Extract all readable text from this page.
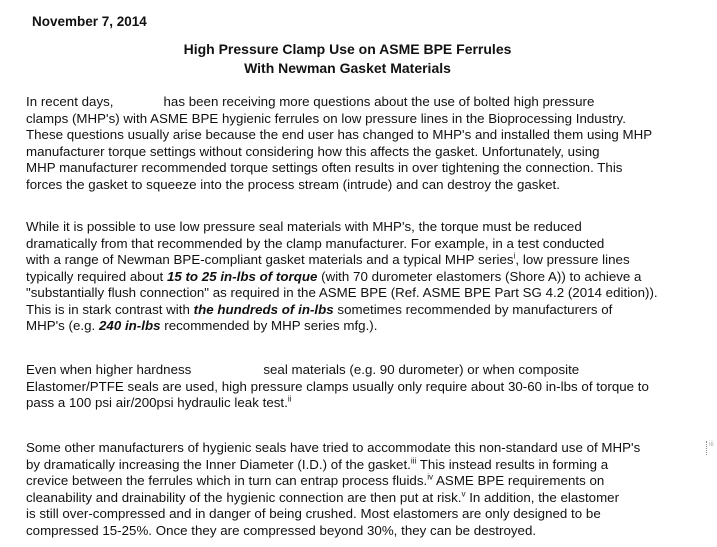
November 7, 2014
High Pressure Clamp Use on ASME BPE Ferrules
With Newman Gasket Materials
In recent days,	has been receiving more questions about the use of bolted high pressure
clamps (MHP's) with ASME BPE hygienic ferrules on low pressure lines in the Bioprocessing Industry.
These questions usually arise because the end user has changed to MHP's and installed them using MHP
manufacturer torque settings without considering how this affects the gasket. Unfortunately, using
MHP manufacturer recommended torque settings often results in over tightening the connection. This
forces the gasket to squeeze into the process stream (intrude) and can destroy the gasket.
While it is possible to use low pressure seal materials with MHP's, the torque must be reduced
dramatically from that recommended by the clamp manufacturer. For example, in a test conducted
with a range of Newman BPE-compliant gasket materials and a typical MHP series$^i$, low pressure lines
typically required about 15 to 25 in-lbs of torque (with 70 durometer elastomers (Shore A)) to achieve a
"substantially flush connection" as required in the ASME BPE (Ref. ASME BPE Part SG 4.2 (2014 edition)).
This is in stark contrast with the hundreds of in-lbs sometimes recommended by manufacturers of
MHP's (e.g. 240 in-lbs recommended by MHP series mfg.).
Even when higher hardness	seal materials (e.g. 90 durometer) or when composite
Elastomer/PTFE seals are used, high pressure clamps usually only require about 30-60 in-lbs of torque to
pass a 100 psi air/200psi hydraulic leak test.$^{ii}$
Some other manufacturers of hygienic seals have tried to accommodate this non-standard use of MHP's
by dramatically increasing the Inner Diameter (I.D.) of the gasket.$^{iii}$ This instead results in forming a
crevice between the ferrules which in turn can entrap process fluids.$^{iv}$ ASME BPE requirements on
cleanability and drainability of the hygienic connection are then put at risk.$^v$ In addition, the elastomer
is still over-compressed and in danger of being crushed. Most elastomers are only designed to be
compressed 15-25%. Once they are compressed beyond 30%, they can be destroyed.
iii
